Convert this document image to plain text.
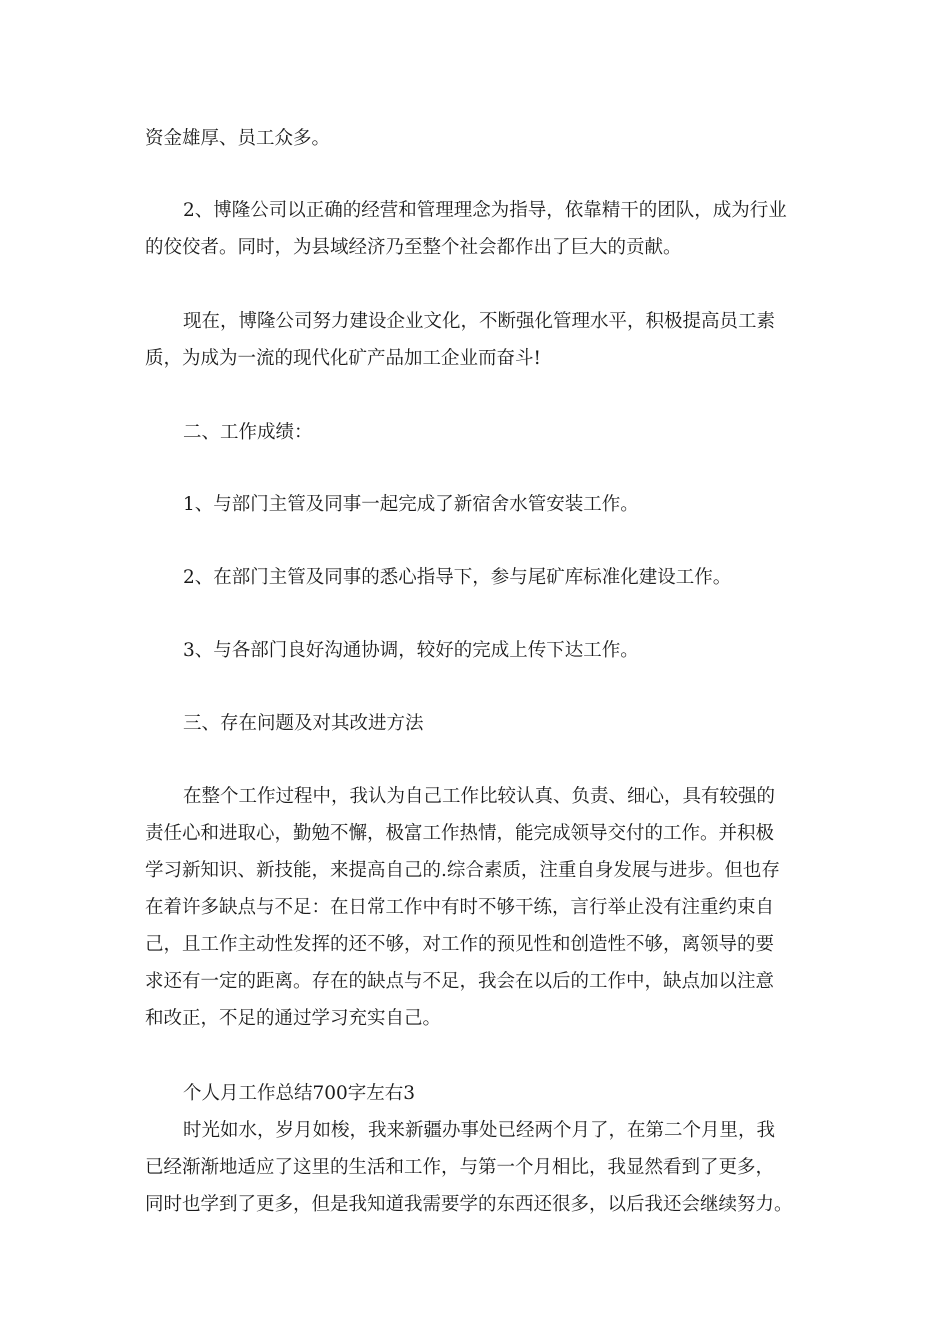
资金雄厚、员工众多。
2、博隆公司以正确的经营和管理理念为指导，依靠精干的团队，成为行业
的佼佼者。同时，为县域经济乃至整个社会都作出了巨大的贡献。
现在，博隆公司努力建设企业文化，不断强化管理水平，积极提高员工素
质，为成为一流的现代化矿产品加工企业而奋斗!
二、工作成绩：
1、与部门主管及同事一起完成了新宿舍水管安装工作。
2、在部门主管及同事的悉心指导下，参与尾矿库标准化建设工作。
3、与各部门良好沟通协调，较好的完成上传下达工作。
三、存在问题及对其改进方法
在整个工作过程中，我认为自己工作比较认真、负责、细心，具有较强的
责任心和进取心，勤勉不懈，极富工作热情，能完成领导交付的工作。并积极
学习新知识、新技能，来提高自己的.综合素质，注重自身发展与进步。但也存
在着许多缺点与不足：在日常工作中有时不够干练，言行举止没有注重约束自
己，且工作主动性发挥的还不够，对工作的预见性和创造性不够，离领导的要
求还有一定的距离。存在的缺点与不足，我会在以后的工作中，缺点加以注意
和改正，不足的通过学习充实自己。
个人月工作总结700字左右3
时光如水，岁月如梭，我来新疆办事处已经两个月了，在第二个月里，我
已经渐渐地适应了这里的生活和工作，与第一个月相比，我显然看到了更多，
同时也学到了更多，但是我知道我需要学的东西还很多，以后我还会继续努力。
